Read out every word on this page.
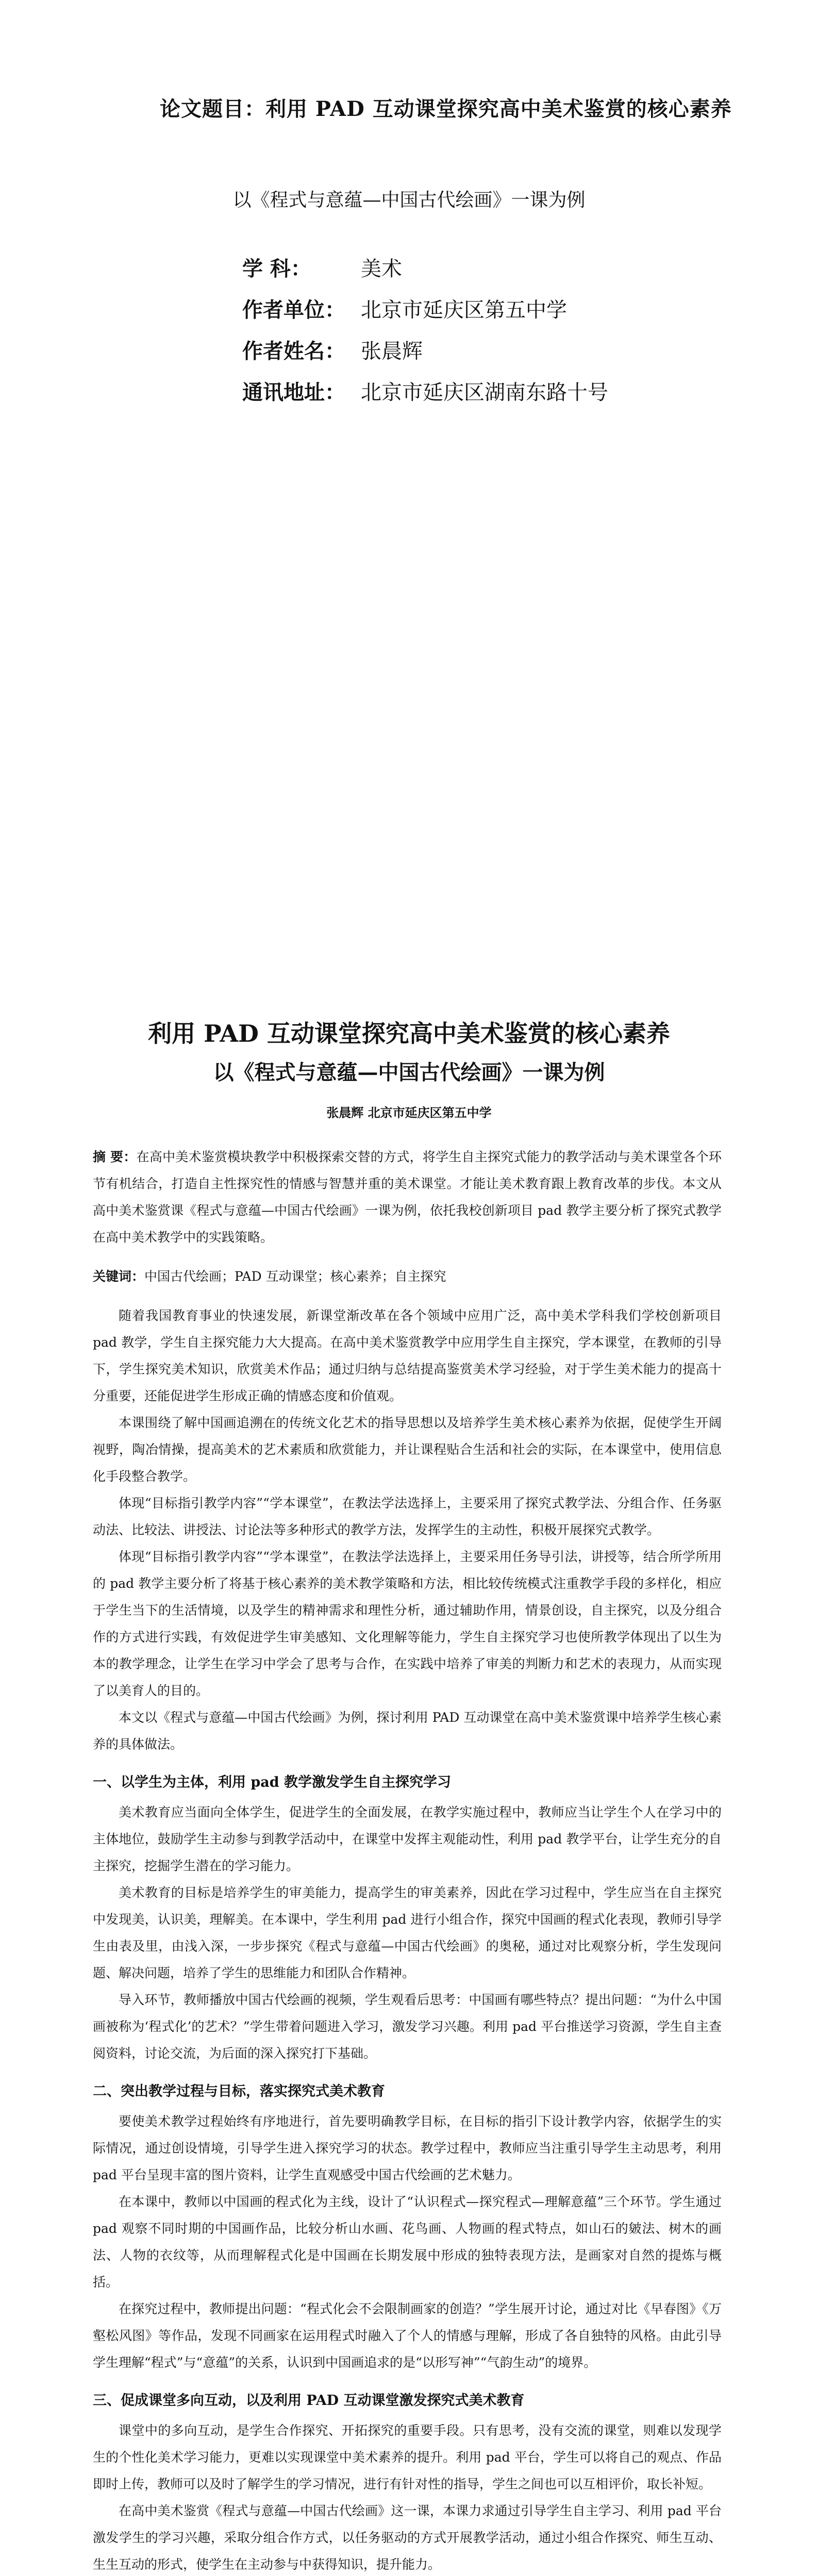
论文题目：利用 PAD 互动课堂探究高中美术鉴赏的核心素养
以《程式与意蕴—中国古代绘画》一课为例
学 科： 美术
作者单位： 北京市延庆区第五中学
作者姓名： 张晨辉
通讯地址： 北京市延庆区湖南东路十号
利用 PAD 互动课堂探究高中美术鉴赏的核心素养
以《程式与意蕴—中国古代绘画》一课为例
张晨辉 北京市延庆区第五中学

摘 要：在高中美术鉴赏模块教学中积极探索交替的方式，将学生自主探究式能力的教学活动与美术课堂各个环节有机结合，打造自主性探究性的情感与智慧并重的美术课堂。才能让美术教育跟上教育改革的步伐。本文从高中美术鉴赏课《程式与意蕴—中国古代绘画》一课为例，依托我校创新项目 pad 教学主要分析了探究式教学在高中美术教学中的实践策略。

关键词：中国古代绘画；PAD 互动课堂；核心素养；自主探究

随着我国教育事业的快速发展，新课堂渐改革在各个领域中应用广泛，高中美术学科我们学校创新项目 pad 教学，学生自主探究能力大大提高。在高中美术鉴赏教学中应用学生自主探究，学本课堂，在教师的引导下，学生探究美术知识，欣赏美术作品；通过归纳与总结提高鉴赏美术学习经验，对于学生美术能力的提高十分重要，还能促进学生形成正确的情感态度和价值观。

本课围绕了解中国画追溯在的传统文化艺术的指导思想以及培养学生美术核心素养为依据，促使学生开阔视野，陶冶情操，提高美术的艺术素质和欣赏能力，并让课程贴合生活和社会的实际，在本课堂中，使用信息化手段整合教学。

体现“目标指引教学内容”“学本课堂”，在教法学法选择上，主要采用了探究式教学法、分组合作、任务驱动法、比较法、讲授法、讨论法等多种形式的教学方法，发挥学生的主动性，积极开展探究式教学。

体现“目标指引教学内容”“学本课堂”，在教法学法选择上，主要采用任务导引法，讲授等，结合所学所用的 pad 教学主要分析了将基于核心素养的美术教学策略和方法，相比较传统模式注重教学手段的多样化，相应于学生当下的生活情境，以及学生的精神需求和理性分析，通过辅助作用，情景创设，自主探究，以及分组合作的方式进行实践，有效促进学生审美感知、文化理解等能力，学生自主探究学习也使所教学体现出了以生为本的教学理念，让学生在学习中学会了思考与合作，在实践中培养了审美的判断力和艺术的表现力，从而实现了以美育人的目的。

本文以《程式与意蕴—中国古代绘画》为例，探讨利用 PAD 互动课堂在高中美术鉴赏课中培养学生核心素养的具体做法。

一、以学生为主体，利用 pad 教学激发学生自主探究学习

美术教育应当面向全体学生，促进学生的全面发展，在教学实施过程中，教师应当让学生个人在学习中的主体地位，鼓励学生主动参与到教学活动中，在课堂中发挥主观能动性，利用 pad 教学平台，让学生充分的自主探究，挖掘学生潜在的学习能力。

美术教育的目标是培养学生的审美能力，提高学生的审美素养，因此在学习过程中，学生应当在自主探究中发现美，认识美，理解美。在本课中，学生利用 pad 进行小组合作，探究中国画的程式化表现，教师引导学生由表及里，由浅入深，一步步探究《程式与意蕴—中国古代绘画》的奥秘，通过对比观察分析，学生发现问题、解决问题，培养了学生的思维能力和团队合作精神。

导入环节，教师播放中国古代绘画的视频，学生观看后思考：中国画有哪些特点？提出问题：“为什么中国画被称为‘程式化’的艺术？”学生带着问题进入学习，激发学习兴趣。利用 pad 平台推送学习资源，学生自主查阅资料，讨论交流，为后面的深入探究打下基础。

二、突出教学过程与目标，落实探究式美术教育

要使美术教学过程始终有序地进行，首先要明确教学目标，在目标的指引下设计教学内容，依据学生的实际情况，通过创设情境，引导学生进入探究学习的状态。教学过程中，教师应当注重引导学生主动思考，利用 pad 平台呈现丰富的图片资料，让学生直观感受中国古代绘画的艺术魅力。

在本课中，教师以中国画的程式化为主线，设计了“认识程式—探究程式—理解意蕴”三个环节。学生通过 pad 观察不同时期的中国画作品，比较分析山水画、花鸟画、人物画的程式特点，如山石的皴法、树木的画法、人物的衣纹等，从而理解程式化是中国画在长期发展中形成的独特表现方法，是画家对自然的提炼与概括。

在探究过程中，教师提出问题：“程式化会不会限制画家的创造？”学生展开讨论，通过对比《早春图》《万壑松风图》等作品，发现不同画家在运用程式时融入了个人的情感与理解，形成了各自独特的风格。由此引导学生理解“程式”与“意蕴”的关系，认识到中国画追求的是“以形写神”“气韵生动”的境界。

三、促成课堂多向互动，以及利用 PAD 互动课堂激发探究式美术教育

课堂中的多向互动，是学生合作探究、开拓探究的重要手段。只有思考，没有交流的课堂，则难以发现学生的个性化美术学习能力，更难以实现课堂中美术素养的提升。利用 pad 平台，学生可以将自己的观点、作品即时上传，教师可以及时了解学生的学习情况，进行有针对性的指导，学生之间也可以互相评价，取长补短。

在高中美术鉴赏《程式与意蕴—中国古代绘画》这一课，本课力求通过引导学生自主学习、利用 pad 平台激发学生的学习兴趣，采取分组合作方式，以任务驱动的方式开展教学活动，通过小组合作探究、师生互动、生生互动的形式，使学生在主动参与中获得知识，提升能力。
